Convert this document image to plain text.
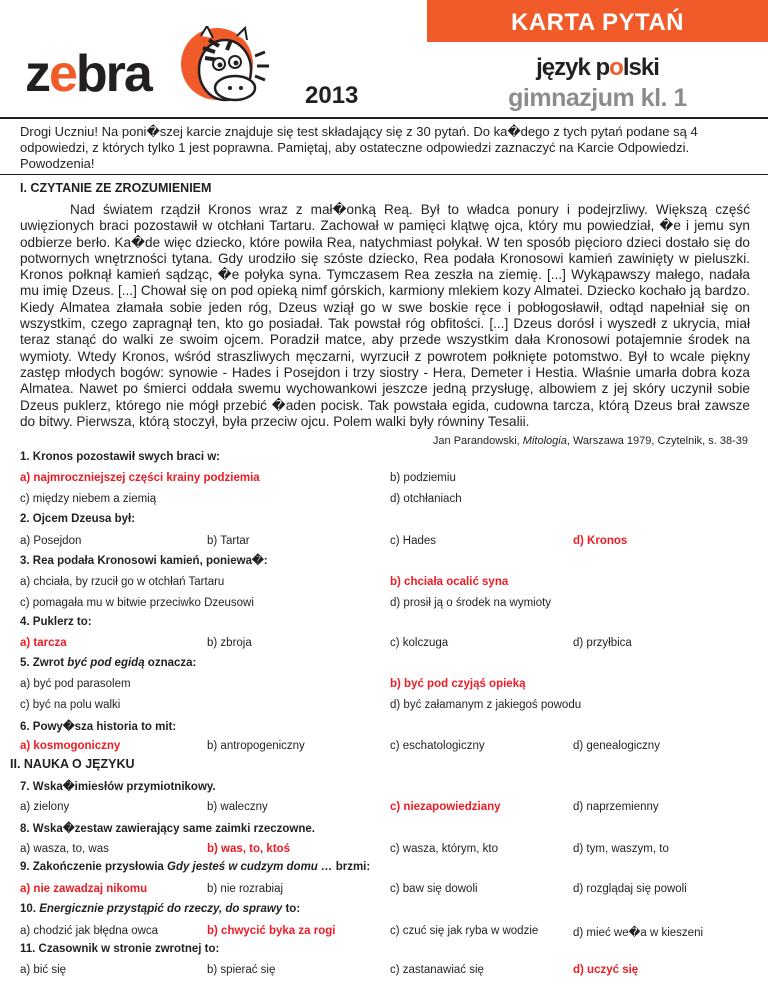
KARTA PYTAŃ
zebra	2013
język polski
gimnazjum kl. 1
Drogi Uczniu! Na poni�szej karcie znajduje się test składający się z 30 pytań. Do ka�dego z tych pytań podane są 4 odpowiedzi, z których tylko 1 jest poprawna. Pamiętaj, aby ostateczne odpowiedzi zaznaczyć na Karcie Odpowiedzi. Powodzenia!
I. CZYTANIE ZE ZROZUMIENIEM
Nad światem rządził Kronos wraz z mał�onką Reą. Był to władca ponury i podejrzliwy. Większą część uwięzionych braci pozostawił w otchłani Tartaru. Zachował w pamięci klątwę ojca, który mu powiedział, �e i jemu syn odbierze berło. Ka�de więc dziecko, które powiła Rea, natychmiast połykał. W ten sposób pięcioro dzieci dostało się do potwornych wnętrzności tytana. Gdy urodziło się szóste dziecko, Rea podała Kronosowi kamień zawinięty w pieluszki. Kronos połknął kamień sądząc, �e połyka syna. Tymczasem Rea zeszła na ziemię. [...] Wykąpawszy małego, nadała mu imię Dzeus. [...] Chował się on pod opieką nimf górskich, karmiony mlekiem kozy Almatei. Dziecko kochało ją bardzo. Kiedy Almatea złamała sobie jeden róg, Dzeus wziął go w swe boskie ręce i pobłogosławił, odtąd napełniał się on wszystkim, czego zapragnął ten, kto go posiadał. Tak powstał róg obfitości. [...] Dzeus dorósł i wyszedł z ukrycia, miał teraz stanąć do walki ze swoim ojcem. Poradził matce, aby przede wszystkim dała Kronosowi potajemnie środek na wymioty. Wtedy Kronos, wśród straszliwych męczarni, wyrzucił z powrotem połknięte potomstwo. Był to wcale piękny zastęp młodych bogów: synowie - Hades i Posejdon i trzy siostry - Hera, Demeter i Hestia. Właśnie umarła dobra koza Almatea. Nawet po śmierci oddała swemu wychowankowi jeszcze jedną przysługę, albowiem z jej skóry uczynił sobie Dzeus puklerz, którego nie mógł przebić �aden pocisk. Tak powstała egida, cudowna tarcza, którą Dzeus brał zawsze do bitwy. Pierwsza, którą stoczył, była przeciw ojcu. Polem walki były równiny Tesalii.
Jan Parandowski, Mitologia, Warszawa 1979, Czytelnik, s. 38-39
1. Kronos pozostawił swych braci w:
a) najmroczniejszej części krainy podziemia	b) podziemiu
c) między niebem a ziemią	d) otchłaniach
2. Ojcem Dzeusa był:
a) Posejdon	b) Tartar	c) Hades	d) Kronos
3. Rea podała Kronosowi kamień, poniewa�:
a) chciała, by rzucił go w otchłań Tartaru	b) chciała ocalić syna
c) pomagała mu w bitwie przeciwko Dzeusowi	d) prosił ją o środek na wymioty
4. Puklerz to:
a) tarcza	b) zbroja	c) kolczuga	d) przyłbica
5. Zwrot być pod egidą oznacza:
a) być pod parasolem	b) być pod czyjąś opieką
c) być na polu walki	d) być załamanym z jakiegoś powodu
6. Powy�sza historia to mit:
a) kosmogoniczny	b) antropogeniczny	c) eschatologiczny	d) genealogiczny
7. Wska�imiesłów przymiotnikowy.
a) zielony	b) waleczny	c) niezapowiedziany	d) naprzemienny
8. Wska�zestaw zawierający same zaimki rzeczowne.
a) wasza, to, was	b) was, to, ktoś	c) wasza, którym, kto	d) tym, waszym, to
9. Zakończenie przysłowia Gdy jesteś w cudzym domu … brzmi:
a) nie zawadzaj nikomu	b) nie rozrabiaj	c) baw się dowoli	d) rozglądaj się powoli
10. Energicznie przystąpić do rzeczy, do sprawy to:
a) chodzić jak błędna owca	b) chwycić byka za rogi	c) czuć się jak ryba w wodzie	d) mieć we�a w kieszeni
11. Czasownik w stronie zwrotnej to:
a) bić się	b) spierać się	c) zastanawiać się	d) uczyć się
II. NAUKA O JĘZYKU
